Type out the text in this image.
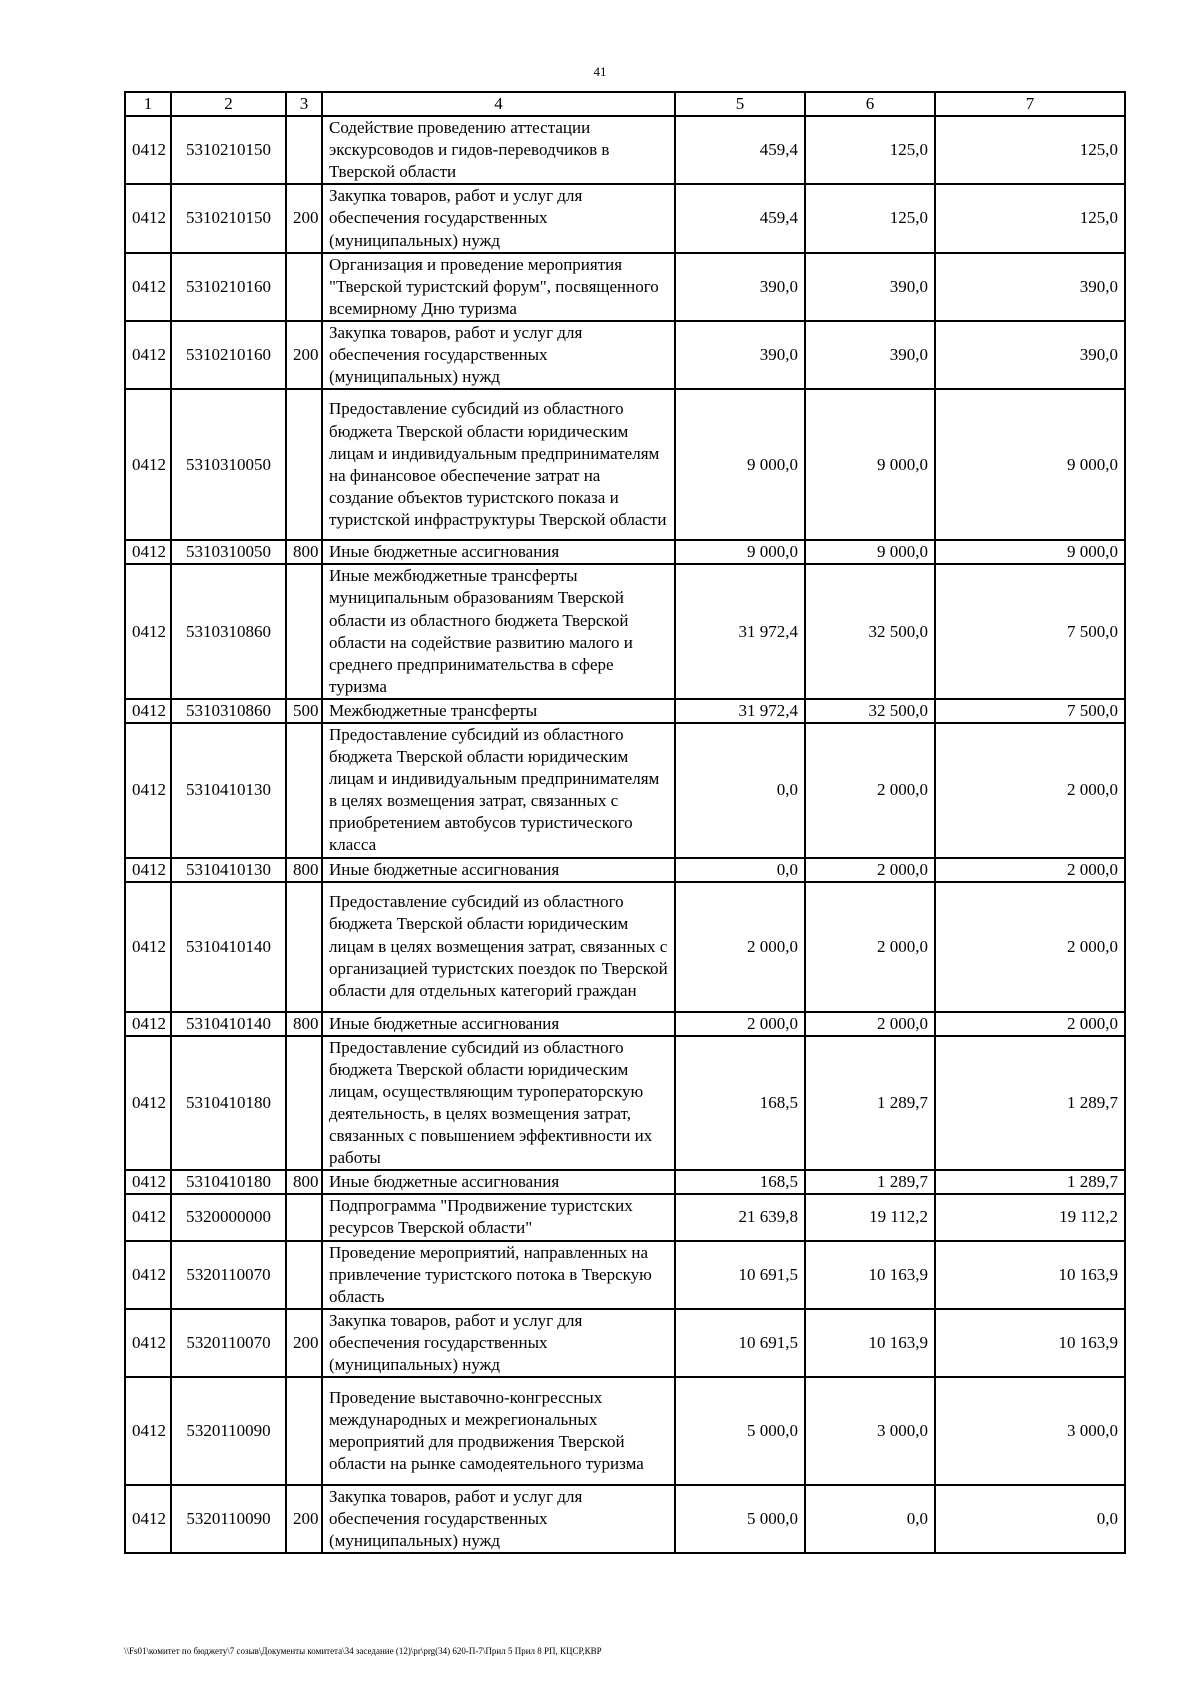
41
1	2	3	4	5	6	7
0412	5310210150		Содействие проведению аттестации экскурсоводов и гидов-переводчиков в Тверской области	459,4	125,0	125,0
0412	5310210150	200	Закупка товаров, работ и услуг для обеспечения государственных (муниципальных) нужд	459,4	125,0	125,0
0412	5310210160		Организация и проведение мероприятия "Тверской туристский форум", посвященного всемирному Дню туризма	390,0	390,0	390,0
0412	5310210160	200	Закупка товаров, работ и услуг для обеспечения государственных (муниципальных) нужд	390,0	390,0	390,0
0412	5310310050		Предоставление субсидий из областного бюджета Тверской области юридическим лицам и индивидуальным предпринимателям на финансовое обеспечение затрат на создание объектов туристского показа и туристской инфраструктуры Тверской области	9 000,0	9 000,0	9 000,0
0412	5310310050	800	Иные бюджетные ассигнования	9 000,0	9 000,0	9 000,0
0412	5310310860		Иные межбюджетные трансферты муниципальным образованиям Тверской области из областного бюджета Тверской области на содействие развитию малого и среднего предпринимательства в сфере туризма	31 972,4	32 500,0	7 500,0
0412	5310310860	500	Межбюджетные трансферты	31 972,4	32 500,0	7 500,0
0412	5310410130		Предоставление субсидий из областного бюджета Тверской области юридическим лицам и индивидуальным предпринимателям в целях возмещения затрат, связанных с приобретением автобусов туристического класса	0,0	2 000,0	2 000,0
0412	5310410130	800	Иные бюджетные ассигнования	0,0	2 000,0	2 000,0
0412	5310410140		Предоставление субсидий из областного бюджета Тверской области юридическим лицам в целях возмещения затрат, связанных с организацией туристских поездок по Тверской области для отдельных категорий граждан	2 000,0	2 000,0	2 000,0
0412	5310410140	800	Иные бюджетные ассигнования	2 000,0	2 000,0	2 000,0
0412	5310410180		Предоставление субсидий из областного бюджета Тверской области юридическим лицам, осуществляющим туроператорскую деятельность, в целях возмещения затрат, связанных с повышением эффективности их работы	168,5	1 289,7	1 289,7
0412	5310410180	800	Иные бюджетные ассигнования	168,5	1 289,7	1 289,7
0412	5320000000		Подпрограмма "Продвижение туристских ресурсов Тверской области"	21 639,8	19 112,2	19 112,2
0412	5320110070		Проведение мероприятий, направленных на привлечение туристского потока в Тверскую область	10 691,5	10 163,9	10 163,9
0412	5320110070	200	Закупка товаров, работ и услуг для обеспечения государственных (муниципальных) нужд	10 691,5	10 163,9	10 163,9
0412	5320110090		Проведение выставочно-конгрессных международных и межрегиональных мероприятий для продвижения Тверской области на рынке самодеятельного туризма	5 000,0	3 000,0	3 000,0
0412	5320110090	200	Закупка товаров, работ и услуг для обеспечения государственных (муниципальных) нужд	5 000,0	0,0	0,0
\\Fs01\комитет по бюджету\7 созыв\Документы комитета\34 заседание (12)\pr\prg(34) 620-П-7\Прил 5 Прил 8 РП, КЦСР,КВР
